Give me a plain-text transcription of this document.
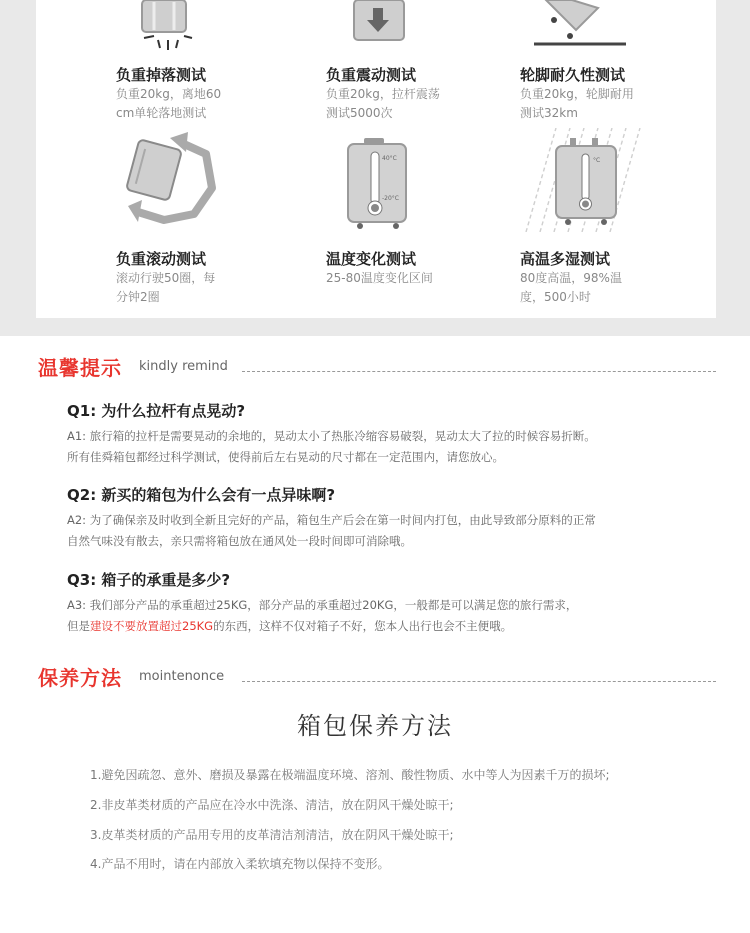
负重掉落测试
负重20kg，离地60
cm单轮落地测试
负重震动测试
负重20kg，拉杆震荡
测试5000次
轮脚耐久性测试
负重20kg，轮脚耐用
测试32km
负重滚动测试
滚动行驶50圈，每
分钟2圈
40°C
-20°C
温度变化测试
25-80温度变化区间
°C
高温多湿测试
80度高温，98%温
度，500小时
温馨提示 kindly remind
Q1: 为什么拉杆有点晃动?
A1: 旅行箱的拉杆是需要晃动的余地的，晃动太小了热胀冷缩容易破裂，晃动太大了拉的时候容易折断。
所有佳舜箱包都经过科学测试，使得前后左右晃动的尺寸都在一定范围内，请您放心。
Q2: 新买的箱包为什么会有一点异味啊?
A2: 为了确保亲及时收到全新且完好的产品，箱包生产后会在第一时间内打包，由此导致部分原料的正常
自然气味没有散去，亲只需将箱包放在通风处一段时间即可消除哦。
Q3: 箱子的承重是多少?
A3: 我们部分产品的承重超过25KG，部分产品的承重超过20KG，一般都是可以满足您的旅行需求，
但是建设不要放置超过25KG的东西，这样不仅对箱子不好，您本人出行也会不主便哦。
保养方法 mointenonce
箱包保养方法
1.避免因疏忽、意外、磨损及暴露在极端温度环境、溶剂、酸性物质、水中等人为因素千万的损坏;
2.非皮革类材质的产品应在冷水中洗涤、清洁，放在阴风干燥处晾干;
3.皮革类材质的产品用专用的皮革清洁剂清洁，放在阴风干燥处晾干;
4.产品不用时，请在内部放入柔软填充物以保持不变形。
